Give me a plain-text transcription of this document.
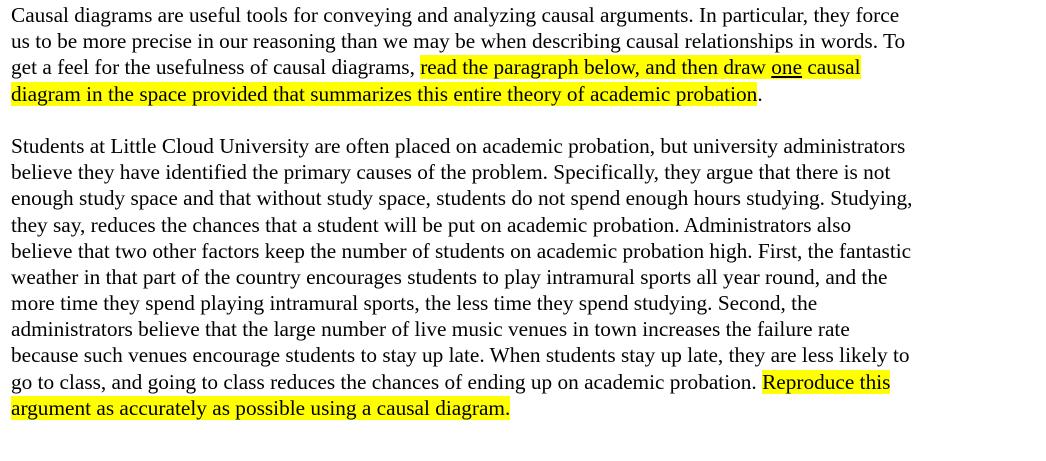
Causal diagrams are useful tools for conveying and analyzing causal arguments. In particular, they force
us to be more precise in our reasoning than we may be when describing causal relationships in words. To
get a feel for the usefulness of causal diagrams, read the paragraph below, and then draw one causal
diagram in the space provided that summarizes this entire theory of academic probation.
Students at Little Cloud University are often placed on academic probation, but university administrators
believe they have identified the primary causes of the problem. Specifically, they argue that there is not
enough study space and that without study space, students do not spend enough hours studying. Studying,
they say, reduces the chances that a student will be put on academic probation. Administrators also
believe that two other factors keep the number of students on academic probation high. First, the fantastic
weather in that part of the country encourages students to play intramural sports all year round, and the
more time they spend playing intramural sports, the less time they spend studying. Second, the
administrators believe that the large number of live music venues in town increases the failure rate
because such venues encourage students to stay up late. When students stay up late, they are less likely to
go to class, and going to class reduces the chances of ending up on academic probation. Reproduce this
argument as accurately as possible using a causal diagram.
